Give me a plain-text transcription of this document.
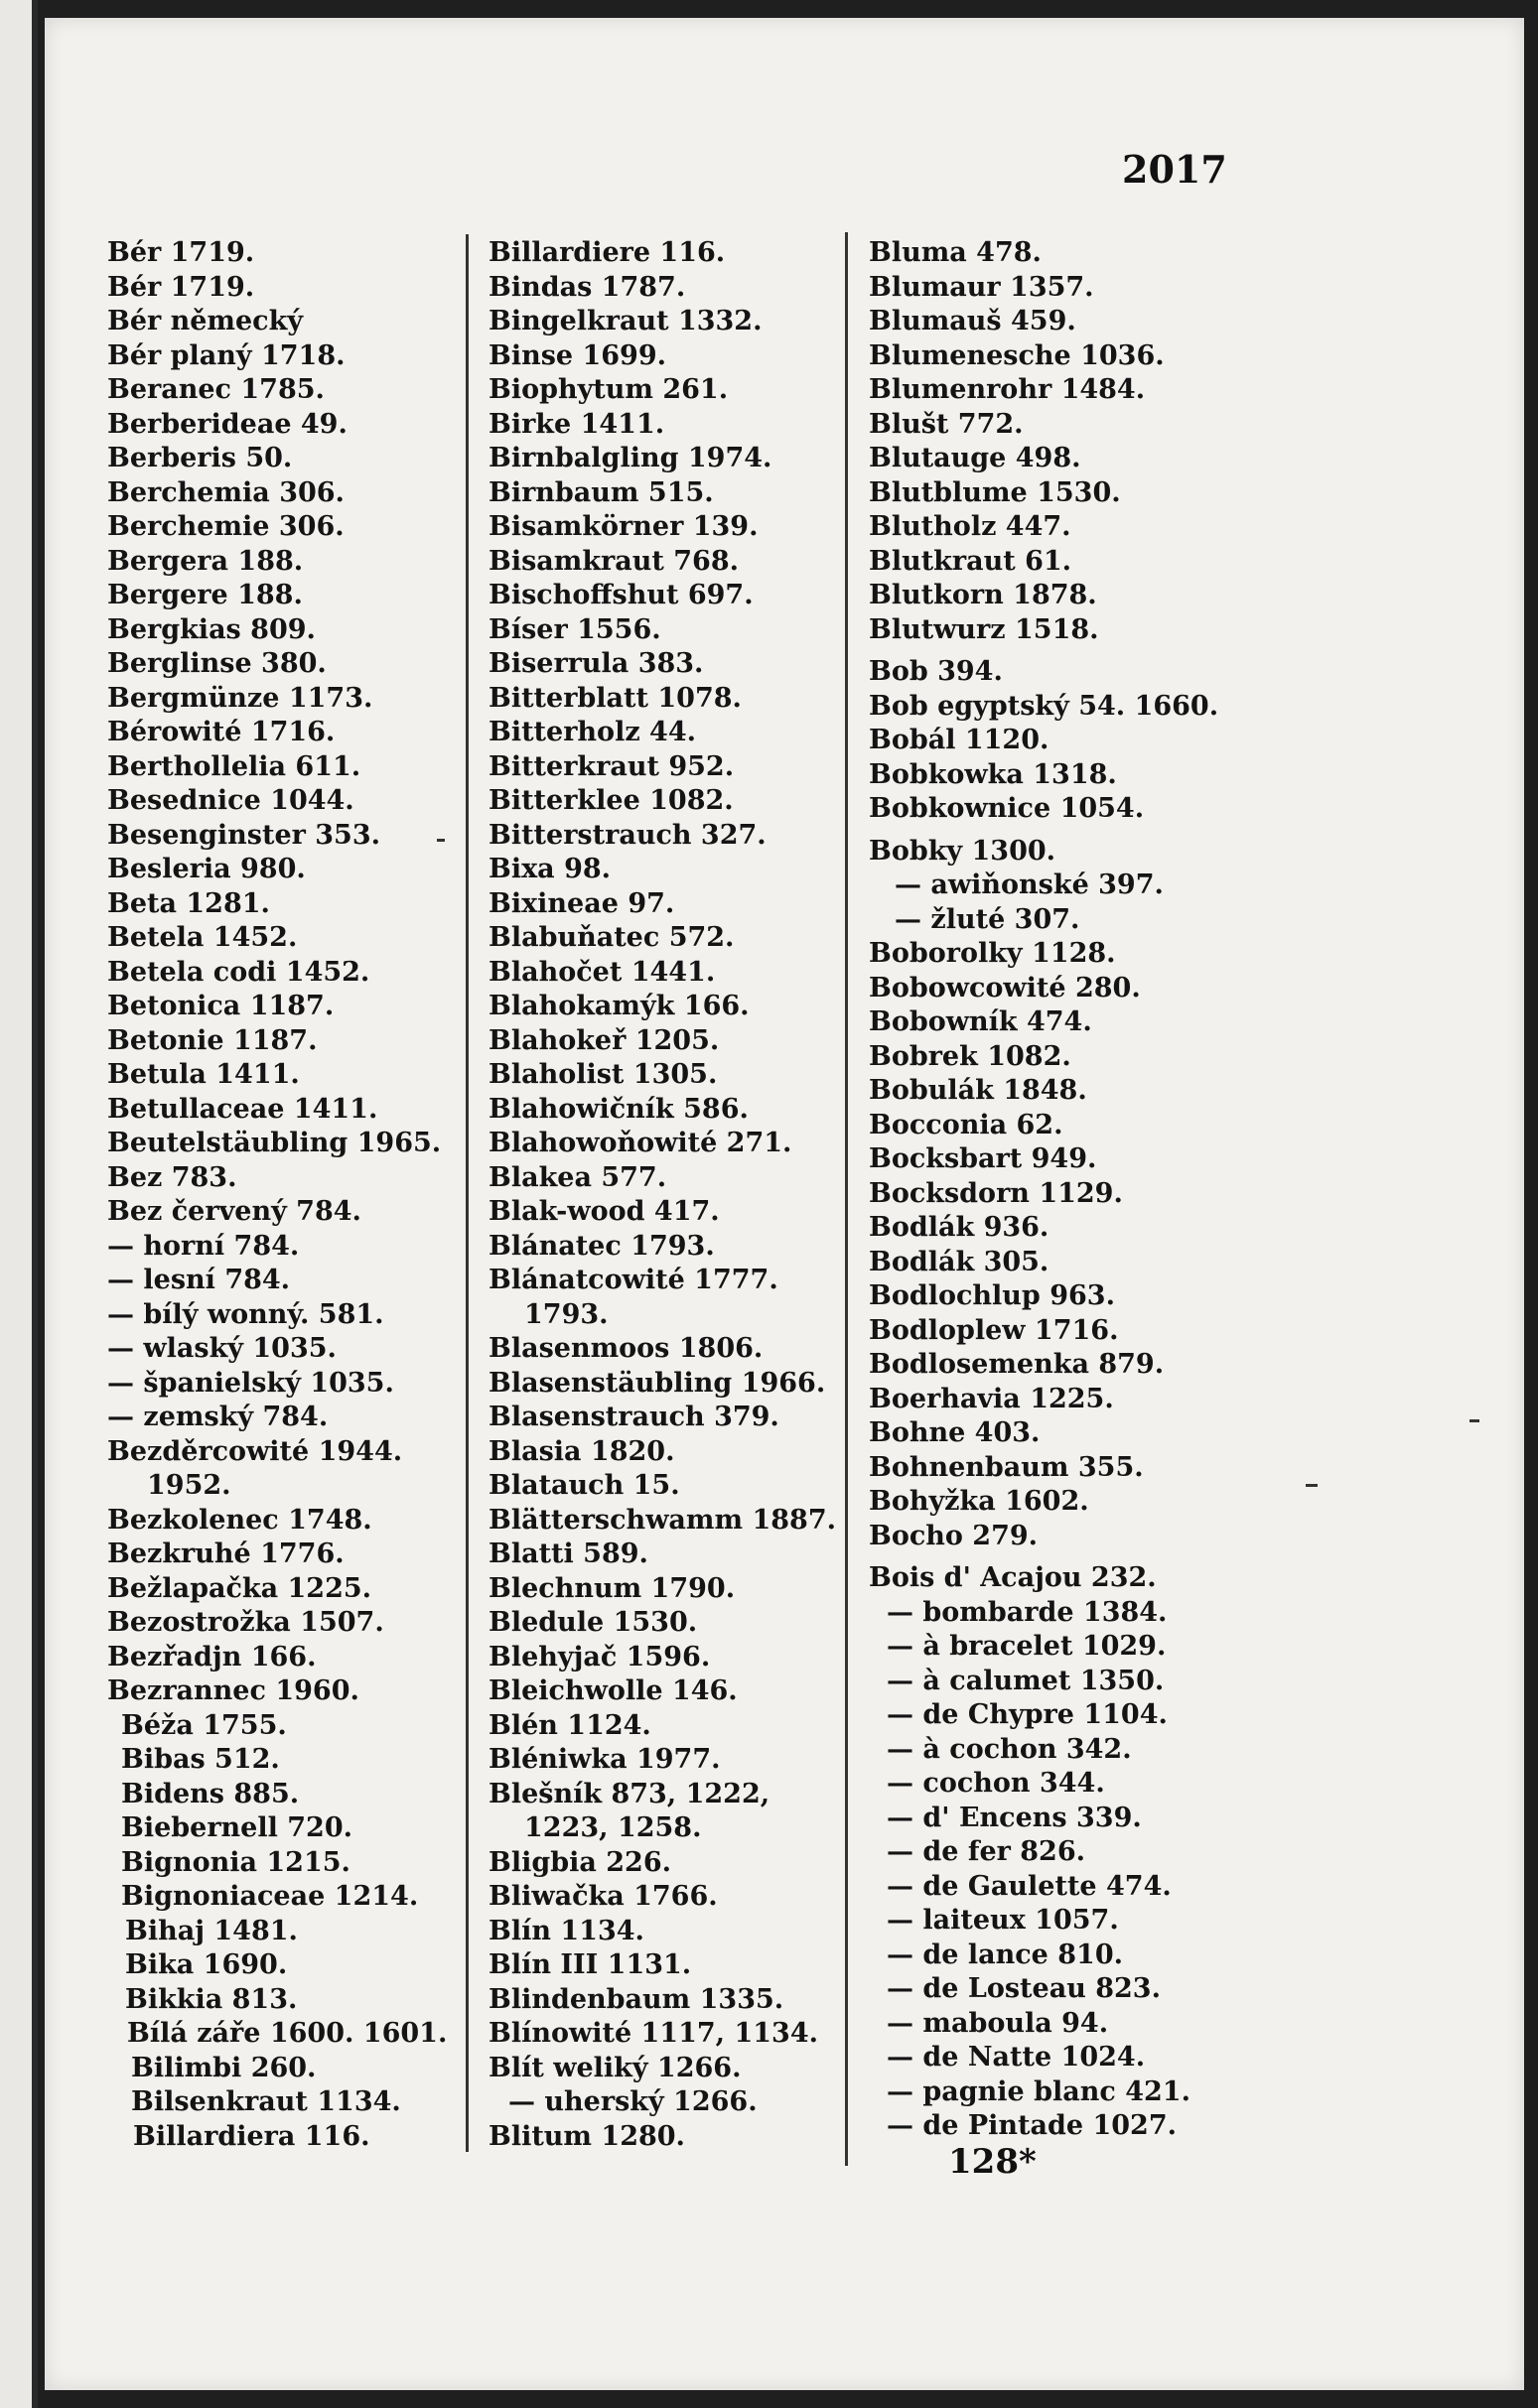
2017
Bér 1719.
Bér 1719.
Bér německý
Bér planý 1718.
Beranec 1785.
Berberideae 49.
Berberis 50.
Berchemia 306.
Berchemie 306.
Bergera 188.
Bergere 188.
Bergkias 809.
Berglinse 380.
Bergmünze 1173.
Bérowité 1716.
Berthollelia 611.
Besednice 1044.
Besenginster 353.
Besleria 980.
Beta 1281.
Betela 1452.
Betela codi 1452.
Betonica 1187.
Betonie 1187.
Betula 1411.
Betullaceae 1411.
Beutelstäubling 1965.
Bez 783.
Bez červený 784.
— horní 784.
— lesní 784.
— bílý wonný. 581.
— wlaský 1035.
— španielský 1035.
— zemský 784.
Bezděrcowité 1944.
1952.
Bezkolenec 1748.
Bezkruhé 1776.
Bežlapačka 1225.
Bezostrožka 1507.
Bezřadjn 166.
Bezrannec 1960.
Béža 1755.
Bibas 512.
Bidens 885.
Biebernell 720.
Bignonia 1215.
Bignoniaceae 1214.
Bihaj 1481.
Bika 1690.
Bikkia 813.
Bílá záře 1600. 1601.
Bilimbi 260.
Bilsenkraut 1134.
Billardiera 116.
Billardiere 116.
Bindas 1787.
Bingelkraut 1332.
Binse 1699.
Biophytum 261.
Birke 1411.
Birnbalgling 1974.
Birnbaum 515.
Bisamkörner 139.
Bisamkraut 768.
Bischoffshut 697.
Bíser 1556.
Biserrula 383.
Bitterblatt 1078.
Bitterholz 44.
Bitterkraut 952.
Bitterklee 1082.
Bitterstrauch 327.
Bixa 98.
Bixineae 97.
Blabuňatec 572.
Blahočet 1441.
Blahokamýk 166.
Blahokeř 1205.
Blaholist 1305.
Blahowičník 586.
Blahowoňowité 271.
Blakea 577.
Blak-wood 417.
Blánatec 1793.
Blánatcowité 1777.
1793.
Blasenmoos 1806.
Blasenstäubling 1966.
Blasenstrauch 379.
Blasia 1820.
Blatauch 15.
Blätterschwamm 1887.
Blatti 589.
Blechnum 1790.
Bledule 1530.
Blehyjač 1596.
Bleichwolle 146.
Blén 1124.
Bléniwka 1977.
Blešník 873, 1222,
1223, 1258.
Bligbia 226.
Bliwačka 1766.
Blín 1134.
Blín III 1131.
Blindenbaum 1335.
Blínowité 1117, 1134.
Blít weliký 1266.
— uherský 1266.
Blitum 1280.
Bluma 478.
Blumaur 1357.
Blumauš 459.
Blumenesche 1036.
Blumenrohr 1484.
Blušt 772.
Blutauge 498.
Blutblume 1530.
Blutholz 447.
Blutkraut 61.
Blutkorn 1878.
Blutwurz 1518.
Bob 394.
Bob egyptský 54. 1660.
Bobál 1120.
Bobkowka 1318.
Bobkownice 1054.
Bobky 1300.
— awiňonské 397.
— žluté 307.
Boborolky 1128.
Bobowcowité 280.
Bobowník 474.
Bobrek 1082.
Bobulák 1848.
Bocconia 62.
Bocksbart 949.
Bocksdorn 1129.
Bodlák 936.
Bodlák 305.
Bodlochlup 963.
Bodloplew 1716.
Bodlosemenka 879.
Boerhavia 1225.
Bohne 403.
Bohnenbaum 355.
Bohyžka 1602.
Bocho 279.
Bois d' Acajou 232.
— bombarde 1384.
— à bracelet 1029.
— à calumet 1350.
— de Chypre 1104.
— à cochon 342.
— cochon 344.
— d' Encens 339.
— de fer 826.
— de Gaulette 474.
— laiteux 1057.
— de lance 810.
— de Losteau 823.
— maboula 94.
— de Natte 1024.
— pagnie blanc 421.
— de Pintade 1027.
128*
